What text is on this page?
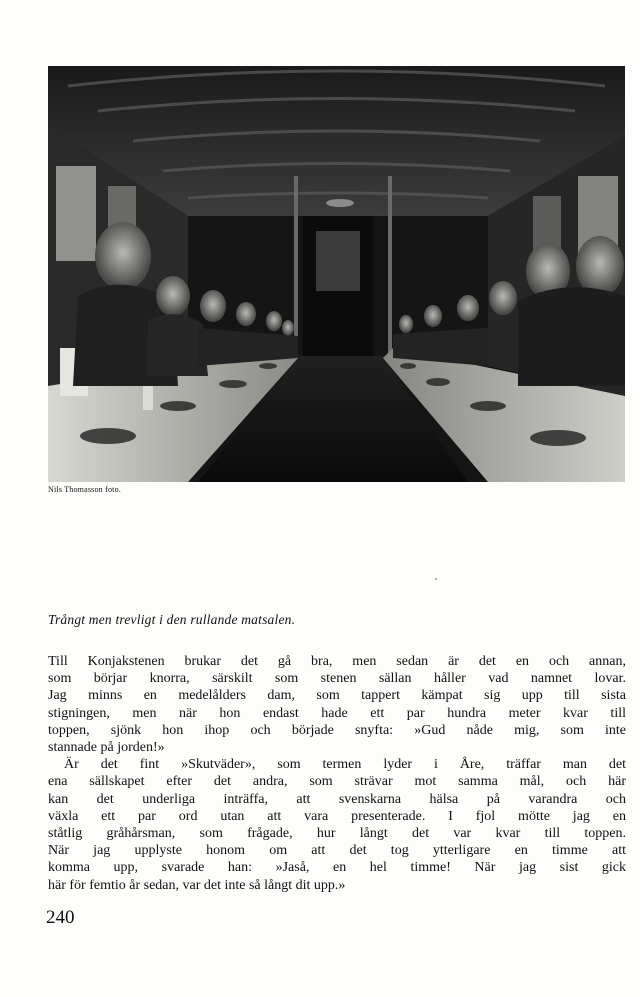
Nils Thomasson foto.
Trångt men trevligt i den rullande matsalen.

Till Konjakstenen brukar det gå bra, men sedan är det en och annan,

som börjar knorra, särskilt som stenen sällan håller vad namnet lovar.

Jag minns en medelålders dam, som tappert kämpat sig upp till sista

stigningen, men när hon endast hade ett par hundra meter kvar till

toppen, sjönk hon ihop och började snyfta: »Gud nåde mig, som inte

stannade på jorden!»

Är det fint »Skutväder», som termen lyder i Åre, träffar man det

ena sällskapet efter det andra, som strävar mot samma mål, och här

kan det underliga inträffa, att svenskarna hälsa på varandra och

växla ett par ord utan att vara presenterade. I fjol mötte jag en

ståtlig gråhårsman, som frågade, hur långt det var kvar till toppen.

När jag upplyste honom om att det tog ytterligare en timme att

komma upp, svarade han: »Jaså, en hel timme! När jag sist gick

här för femtio år sedan, var det inte så långt dit upp.»

240
